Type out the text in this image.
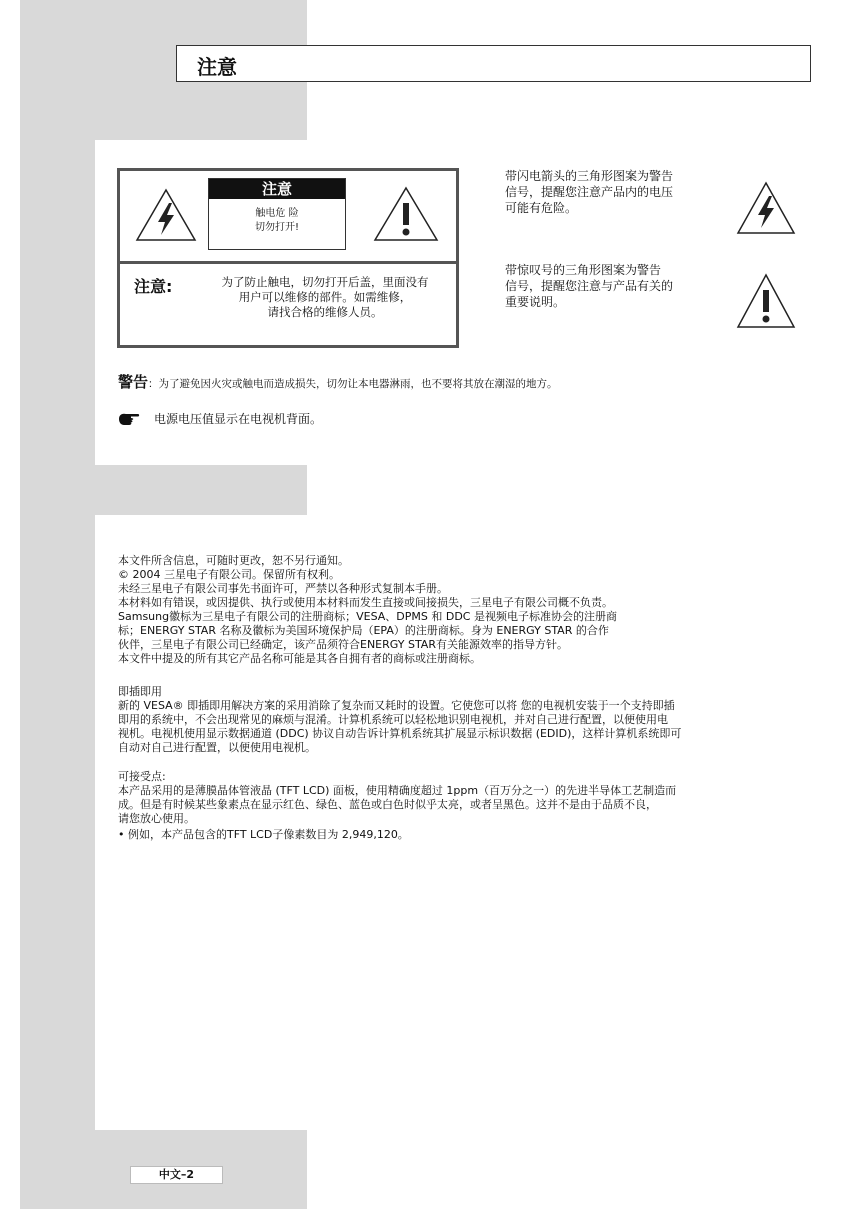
注意
注意
触电危 险
切勿打开!
注意:	为了防止触电，切勿打开后盖，里面没有
用户可以维修的部件。如需维修，
请找合格的维修人员。
带闪电箭头的三角形图案为警告
信号，提醒您注意产品内的电压
可能有危险。
带惊叹号的三角形图案为警告
信号，提醒您注意与产品有关的
重要说明。
警告：为了避免因火灾或触电而造成损失，切勿让本电器淋雨，也不要将其放在潮湿的地方。
电源电压值显示在电视机背面。
本文件所含信息，可随时更改，恕不另行通知。
© 2004 三星电子有限公司。保留所有权利。
未经三星电子有限公司事先书面许可，严禁以各种形式复制本手册。
本材料如有错误，或因提供、执行或使用本材料而发生直接或间接损失，三星电子有限公司概不负责。
Samsung徽标为三星电子有限公司的注册商标；VESA、DPMS 和 DDC 是视频电子标准协会的注册商
标；ENERGY STAR 名称及徽标为美国环境保护局（EPA）的注册商标。身为 ENERGY STAR 的合作
伙伴，三星电子有限公司已经确定，该产品须符合ENERGY STAR有关能源效率的指导方针。
本文件中提及的所有其它产品名称可能是其各自拥有者的商标或注册商标。
即插即用
新的 VESA® 即插即用解决方案的采用消除了复杂而又耗时的设置。它使您可以将 您的电视机安装于一个支持即插
即用的系统中，不会出现常见的麻烦与混淆。计算机系统可以轻松地识别电视机，并对自己进行配置，以便使用电
视机。电视机使用显示数据通道 (DDC) 协议自动告诉计算机系统其扩展显示标识数据 (EDID)，这样计算机系统即可
自动对自己进行配置，以便使用电视机。
可接受点:
本产品采用的是薄膜晶体管液晶 (TFT LCD) 面板，使用精确度超过 1ppm（百万分之一）的先进半导体工艺制造而
成。但是有时候某些象素点在显示红色、绿色、蓝色或白色时似乎太亮，或者呈黑色。这并不是由于品质不良，
请您放心使用。
• 例如，本产品包含的TFT LCD子像素数目为 2,949,120。
中文–2
